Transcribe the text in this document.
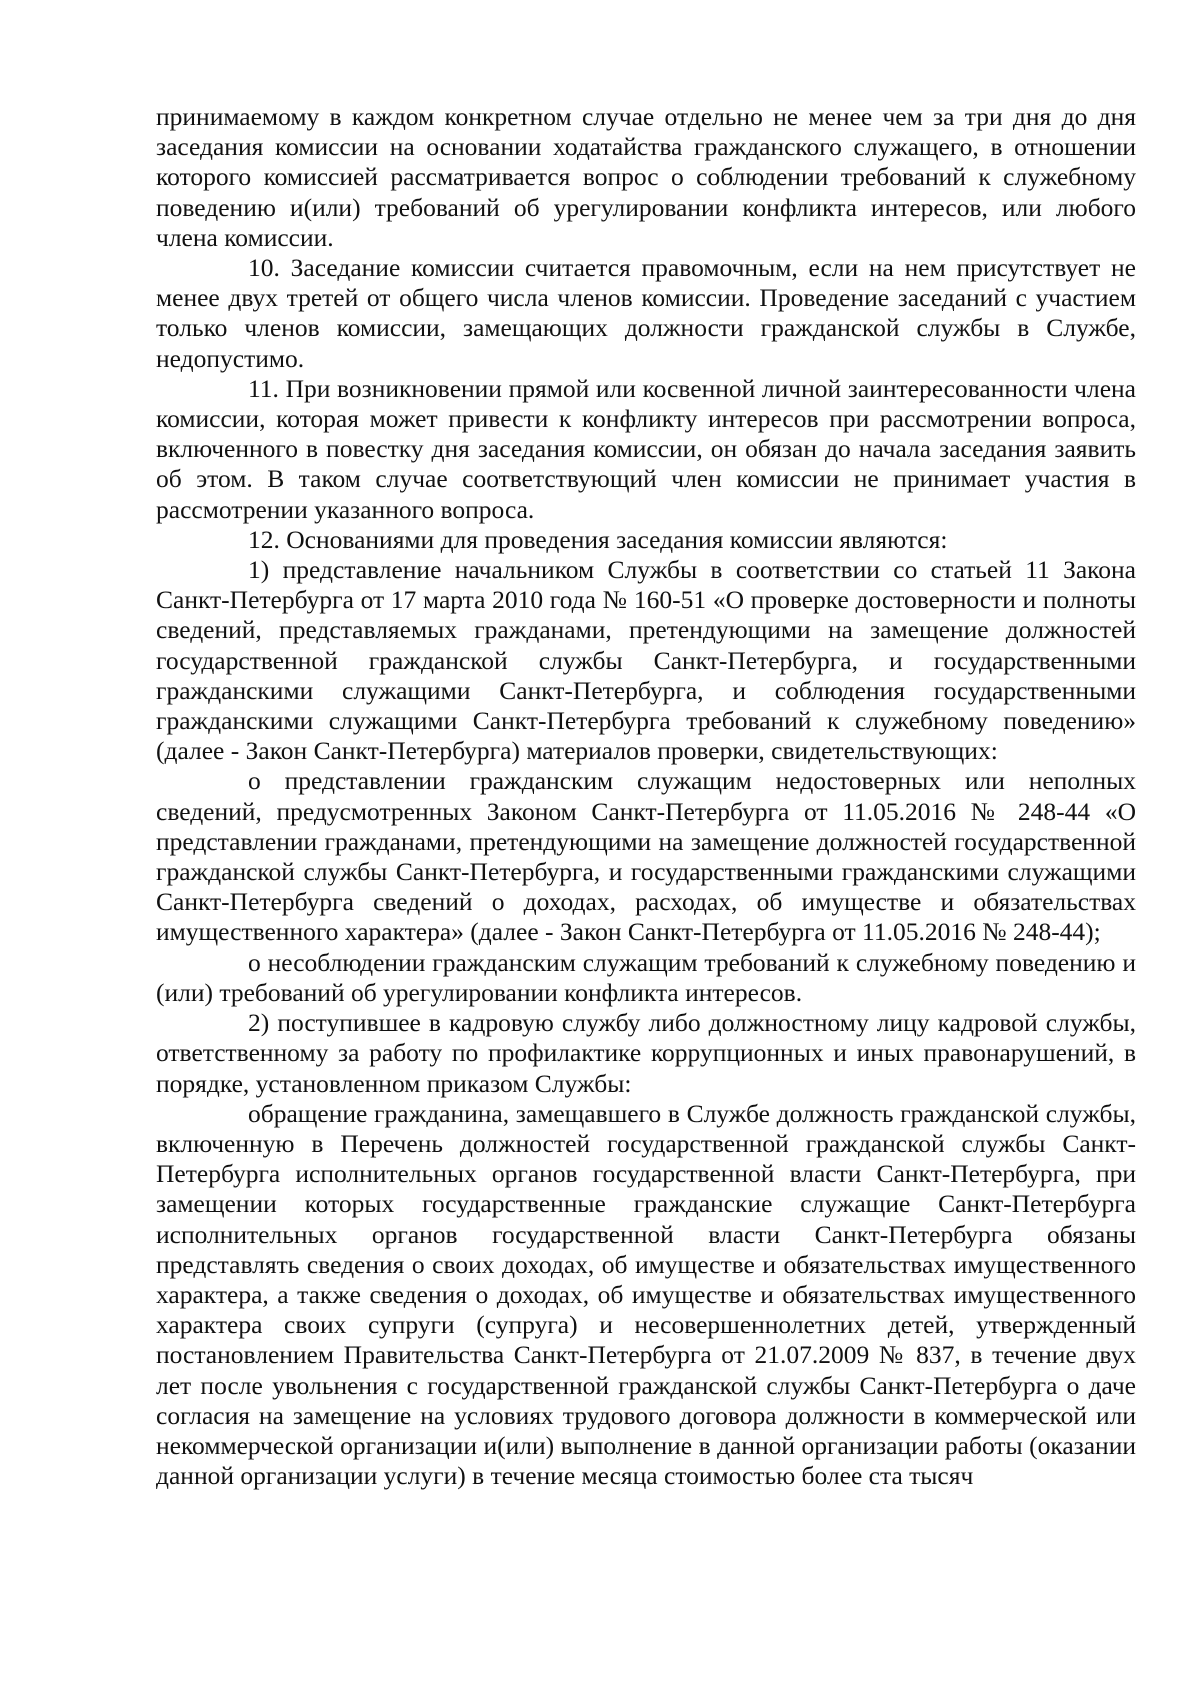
принимаемому в каждом конкретном случае отдельно не менее чем за три дня до дня заседания комиссии на основании ходатайства гражданского служащего, в отношении которого комиссией рассматривается вопрос о соблюдении требований к служебному поведению и(или) требований об урегулировании конфликта интересов, или любого члена комиссии.

10. Заседание комиссии считается правомочным, если на нем присутствует не менее двух третей от общего числа членов комиссии. Проведение заседаний с участием только членов комиссии, замещающих должности гражданской службы в Службе, недопустимо.

11. При возникновении прямой или косвенной личной заинтересованности члена комиссии, которая может привести к конфликту интересов при рассмотрении вопроса, включенного в повестку дня заседания комиссии, он обязан до начала заседания заявить об этом. В таком случае соответствующий член комиссии не принимает участия в рассмотрении указанного вопроса.

12. Основаниями для проведения заседания комиссии являются:

1) представление начальником Службы в соответствии со статьей 11 Закона Санкт-Петербурга от 17 марта 2010 года № 160-51 «О проверке достоверности и полноты сведений, представляемых гражданами, претендующими на замещение должностей государственной гражданской службы Санкт-Петербурга, и государственными гражданскими служащими Санкт-Петербурга, и соблюдения государственными гражданскими служащими Санкт-Петербурга требований к служебному поведению» (далее - Закон Санкт-Петербурга) материалов проверки, свидетельствующих:

о представлении гражданским служащим недостоверных или неполных сведений, предусмотренных Законом Санкт-Петербурга от 11.05.2016 № 248-44 «О представлении гражданами, претендующими на замещение должностей государственной гражданской службы Санкт-Петербурга, и государственными гражданскими служащими Санкт-Петербурга сведений о доходах, расходах, об имуществе и обязательствах имущественного характера» (далее - Закон Санкт-Петербурга от 11.05.2016 № 248-44);

о несоблюдении гражданским служащим требований к служебному поведению и (или) требований об урегулировании конфликта интересов.

2) поступившее в кадровую службу либо должностному лицу кадровой службы, ответственному за работу по профилактике коррупционных и иных правонарушений, в порядке, установленном приказом Службы:

обращение гражданина, замещавшего в Службе должность гражданской службы, включенную в Перечень должностей государственной гражданской службы Санкт-Петербурга исполнительных органов государственной власти Санкт-Петербурга, при замещении которых государственные гражданские служащие Санкт-Петербурга исполнительных органов государственной власти Санкт-Петербурга обязаны представлять сведения о своих доходах, об имуществе и обязательствах имущественного характера, а также сведения о доходах, об имуществе и обязательствах имущественного характера своих супруги (супруга) и несовершеннолетних детей, утвержденный постановлением Правительства Санкт-Петербурга от 21.07.2009 № 837, в течение двух лет после увольнения с государственной гражданской службы Санкт-Петербурга о даче согласия на замещение на условиях трудового договора должности в коммерческой или некоммерческой организации и(или) выполнение в данной организации работы (оказании данной организации услуги) в течение месяца стоимостью более ста тысяч
